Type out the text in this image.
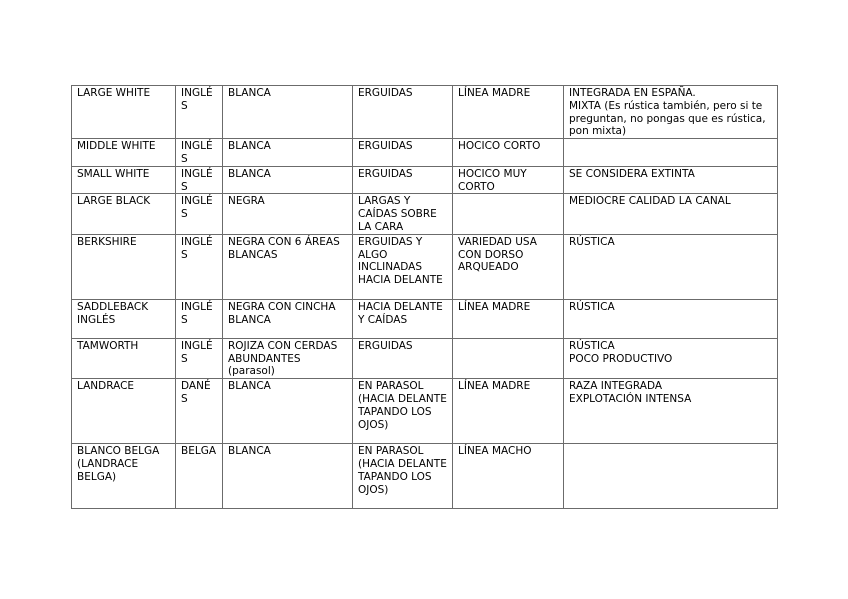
LARGE WHITE	INGLÉS	BLANCA	ERGUIDAS	LÍNEA MADRE	INTEGRADA EN ESPAÑA.
MIXTA (Es rústica también, pero si te preguntan, no pongas que es rústica, pon mixta)

MIDDLE WHITE	INGLÉS	BLANCA	ERGUIDAS	HOCICO CORTO	
SMALL WHITE	INGLÉS	BLANCA	ERGUIDAS	HOCICO MUY CORTO	SE CONSIDERA EXTINTA

LARGE BLACK	INGLÉS	NEGRA	LARGAS Y CAÍDAS SOBRE LA CARA		MEDIOCRE CALIDAD LA CANAL

BERKSHIRE	INGLÉS	NEGRA CON 6 ÁREAS BLANCAS	ERGUIDAS Y ALGO INCLINADAS HACIA DELANTE	VARIEDAD USA CON DORSO ARQUEADO	RÚSTICA

SADDLEBACK INGLÉS	INGLÉS	NEGRA CON CINCHA BLANCA	HACIA DELANTE Y CAÍDAS	LÍNEA MADRE	RÚSTICA

TAMWORTH	INGLÉS	ROJIZA CON CERDAS ABUNDANTES (parasol)	ERGUIDAS		RÚSTICA
POCO PRODUCTIVO

LANDRACE	DANÉS	BLANCA	EN PARASOL (HACIA DELANTE TAPANDO LOS OJOS)	LÍNEA MADRE	RAZA INTEGRADA
EXPLOTACIÓN INTENSA

BLANCO BELGA (LANDRACE BELGA)	BELGA	BLANCA	EN PARASOL (HACIA DELANTE TAPANDO LOS OJOS)	LÍNEA MACHO	
